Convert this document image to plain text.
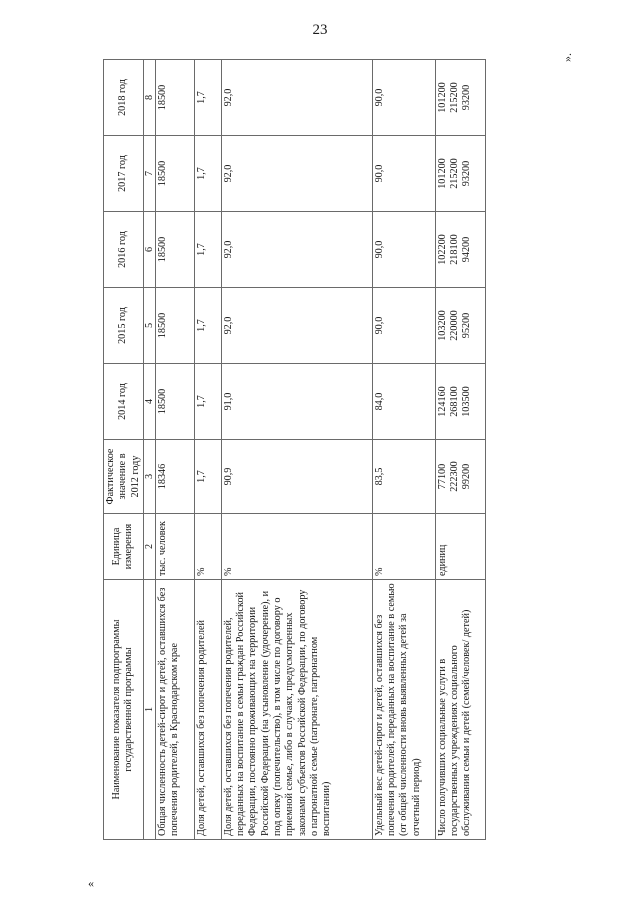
23
«
».
Наименование показателя подпрограммы государственной программы	Единица измерения	Фактическое значение в 2012 году	2014 год	2015 год	2016 год	2017 год	2018 год
1	2	3	4	5	6	7	8
Общая численность детей-сирот и детей, оставшихся без попечения родителей, в Краснодарском крае	тыс. человек	18346	18500	18500	18500	18500	18500
Доля детей, оставшихся без попечения родителей	%	1,7	1,7	1,7	1,7	1,7	1,7
Доля детей, оставшихся без попечения родителей, переданных на воспитание в семьи граждан Российской Федерации, постоянно проживающих на территории Российской Федерации (на усыновление (удочерение), и под опеку (попечительство), в том числе по договору о приемной семье, либо в случаях, предусмотренных законами субъектов Российской Федерации, по договору о патронатной семье (патронате, патронатном воспитании)	%	90,9	91,0	92,0	92,0	92,0	92,0
Удельный вес детей-сирот и детей, оставшихся без попечения родителей, переданных на воспитание в семью (от общей численности вновь выявленных детей за отчетный период)	%	83,5	84,0	90,0	90,0	90,0	90,0
Число получивших социальные услуги в государственных учреждениях социального обслуживания семьи и детей (семей/человек/ детей)	единиц	77100 222300 99200	124160 268100 103500	103200 220000 95200	102200 218100 94200	101200 215200 93200	101200 215200 93200
